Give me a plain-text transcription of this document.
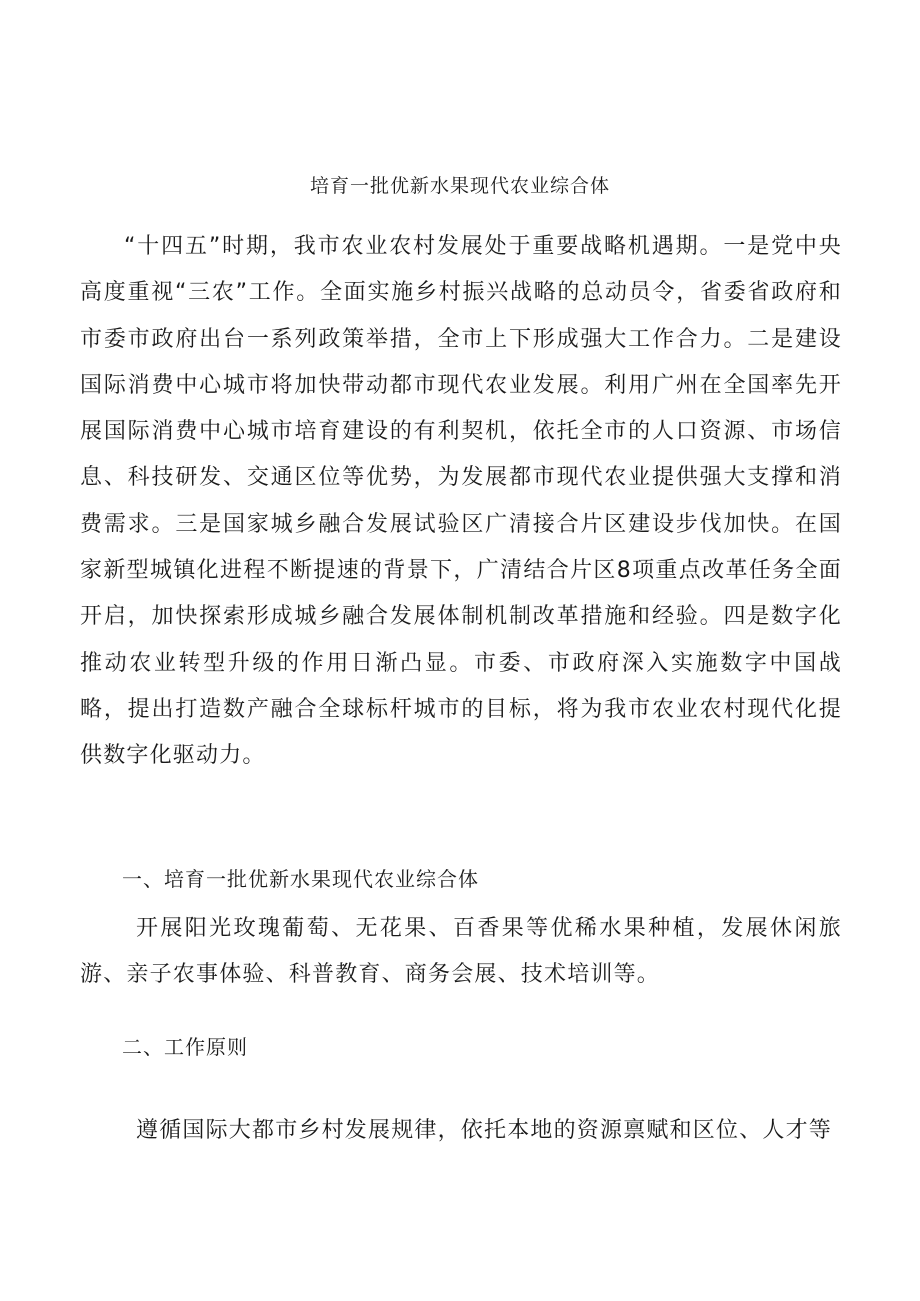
培育一批优新水果现代农业综合体

“十四五”时期，我市农业农村发展处于重要战略机遇期。一是党中央高度重视“三农”工作。全面实施乡村振兴战略的总动员令，省委省政府和市委市政府出台一系列政策举措，全市上下形成强大工作合力。二是建设国际消费中心城市将加快带动都市现代农业发展。利用广州在全国率先开展国际消费中心城市培育建设的有利契机，依托全市的人口资源、市场信息、科技研发、交通区位等优势，为发展都市现代农业提供强大支撑和消费需求。三是国家城乡融合发展试验区广清接合片区建设步伐加快。在国家新型城镇化进程不断提速的背景下，广清结合片区8项重点改革任务全面开启，加快探索形成城乡融合发展体制机制改革措施和经验。四是数字化推动农业转型升级的作用日渐凸显。市委、市政府深入实施数字中国战略，提出打造数产融合全球标杆城市的目标，将为我市农业农村现代化提供数字化驱动力。

一、培育一批优新水果现代农业综合体

开展阳光玫瑰葡萄、无花果、百香果等优稀水果种植，发展休闲旅游、亲子农事体验、科普教育、商务会展、技术培训等。

二、工作原则

遵循国际大都市乡村发展规律，依托本地的资源禀赋和区位、人才等
